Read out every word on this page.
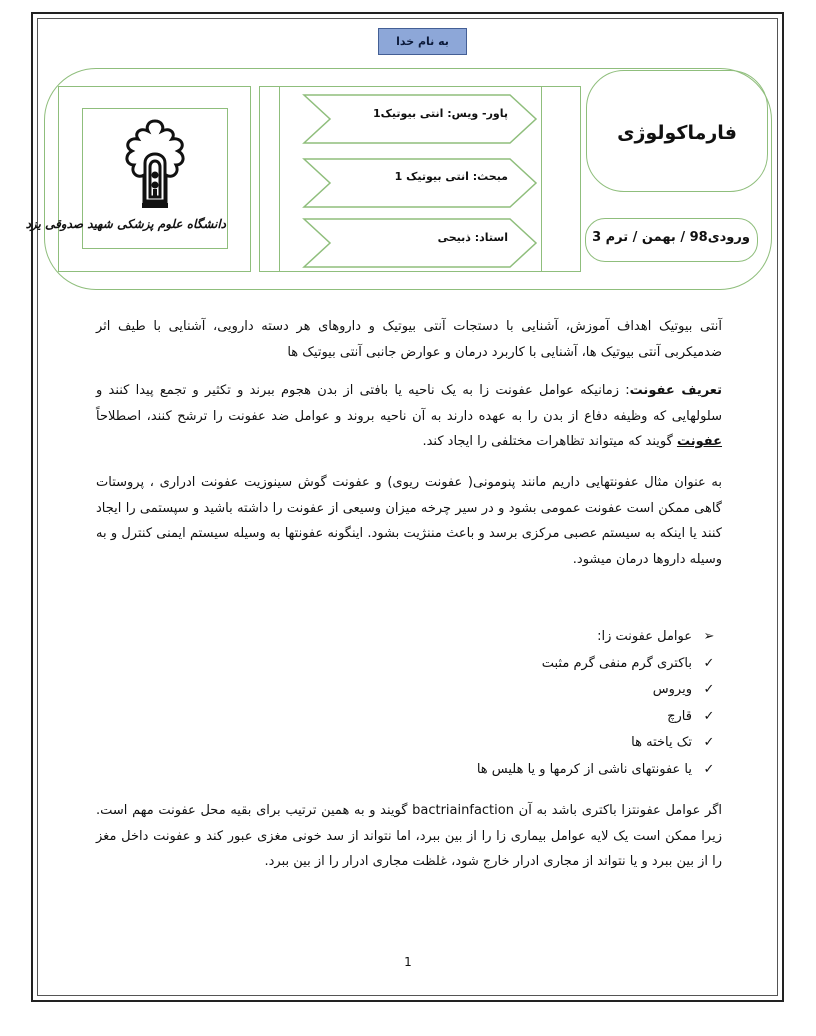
به نام خدا
دانشگاه علوم پزشکی شهید صدوقی یزد
پاور- ویس: انتی بیوتیک1
مبحث: انتی بیوتیک 1
استاد: ذبیحی
فارماکولوژی
ورودی98 / بهمن / ترم 3
آنتی بیوتیک اهداف آموزش، آشنایی با دستجات آنتی بیوتیک و داروهای هر دسته دارویی، آشنایی با طیف اثر ضدمیکربی آنتی بیوتیک ها، آشنایی با کاربرد درمان و عوارض جانبی آنتی بیوتیک ها
تعریف عفونت: زمانیکه عوامل عفونت زا به یک ناحیه یا بافتی از بدن هجوم ببرند و تکثیر و تجمع پیدا کنند و سلولهایی که وظیفه دفاع از بدن را به عهده دارند به آن ناحیه بروند و عوامل ضد عفونت را ترشح کنند، اصطلاحاً عفونت گویند که میتواند تظاهرات مختلفی را ایجاد کند.
به عنوان مثال عفونتهایی داریم مانند پنومونی( عفونت ریوی) و عفونت گوش سینوزیت عفونت ادراری ، پروستات گاهی ممکن است عفونت عمومی بشود و در سیر چرخه میزان وسیعی از عفونت را داشته باشید و سپستمی را ایجاد کنند یا اینکه به سیستم عصبی مرکزی برسد و باعث مننژیت بشود. اینگونه عفونتها به وسیله سیستم ایمنی کنترل و به وسیله داروها درمان میشود.
➢عوامل عفونت زا:
✓باکتری گرم منفی گرم مثبت
✓ویروس
✓قارچ
✓تک یاخته ها
✓یا عفونتهای ناشی از کرمها و یا هلیس ها
اگر عوامل عفونتزا باکتری باشد به آن bactriainfaction گویند و به همین ترتیب برای بقیه محل عفونت مهم است. زیرا ممکن است یک لایه عوامل بیماری زا را از بین ببرد، اما نتواند از سد خونی مغزی عبور کند و عفونت داخل مغز را از بین ببرد و یا نتواند از مجاری ادرار خارج شود، غلظت مجاری ادرار را از بین ببرد.
1
